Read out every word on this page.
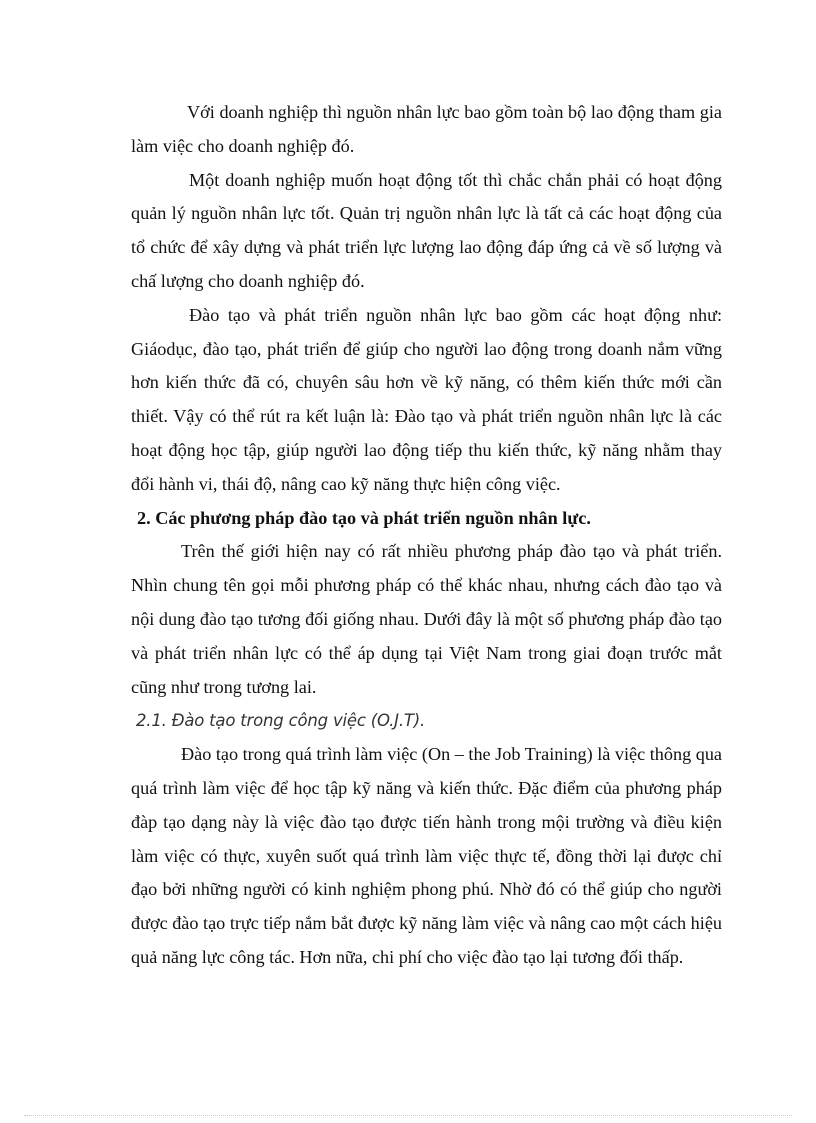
Với doanh nghiệp thì nguồn nhân lực bao gồm toàn bộ lao động tham gia làm việc cho doanh nghiệp đó.

Một doanh nghiệp muốn hoạt động tốt thì chắc chắn phải có hoạt động quản lý nguồn nhân lực tốt. Quản trị nguồn nhân lực là tất cả các hoạt động của tổ chức để xây dựng và phát triển lực lượng lao động đáp ứng cả về số lượng và chấ lượng cho doanh nghiệp đó.

Đào tạo và phát triển nguồn nhân lực bao gồm các hoạt động như: Giáodục, đào tạo, phát triển để giúp cho người lao động trong doanh nắm vững hơn kiến thức đã có, chuyên sâu hơn về kỹ năng, có thêm kiến thức mới cần thiết. Vậy có thể rút ra kết luận là: Đào tạo và phát triển nguồn nhân lực là các hoạt động học tập, giúp người lao động tiếp thu kiến thức, kỹ năng nhằm thay đổi hành vi, thái độ, nâng cao kỹ năng thực hiện công việc.

2. Các phương pháp đào tạo và phát triển nguồn nhân lực.

Trên thế giới hiện nay có rất nhiều phương pháp đào tạo và phát triển. Nhìn chung tên gọi mỗi phương pháp có thể khác nhau, nhưng cách đào tạo và nội dung đào tạo tương đối giống nhau. Dưới đây là một số phương pháp đào tạo và phát triển nhân lực có thể áp dụng tại Việt Nam trong giai đoạn trước mắt cũng như trong tương lai.

2.1. Đào tạo trong công việc (O.J.T).

Đào tạo trong quá trình làm việc (On – the Job Training) là việc thông qua quá trình làm việc để học tập kỹ năng và kiến thức. Đặc điểm của phương pháp đàp tạo dạng này là việc đào tạo được tiến hành trong mội trường và điều kiện làm việc có thực, xuyên suốt quá trình làm việc thực tế, đồng thời lại được chỉ đạo bởi những người có kinh nghiệm phong phú. Nhờ đó có thể giúp cho người được đào tạo trực tiếp nắm bắt được kỹ năng làm việc và nâng cao một cách hiệu quả năng lực công tác. Hơn nữa, chi phí cho việc đào tạo lại tương đối thấp.
